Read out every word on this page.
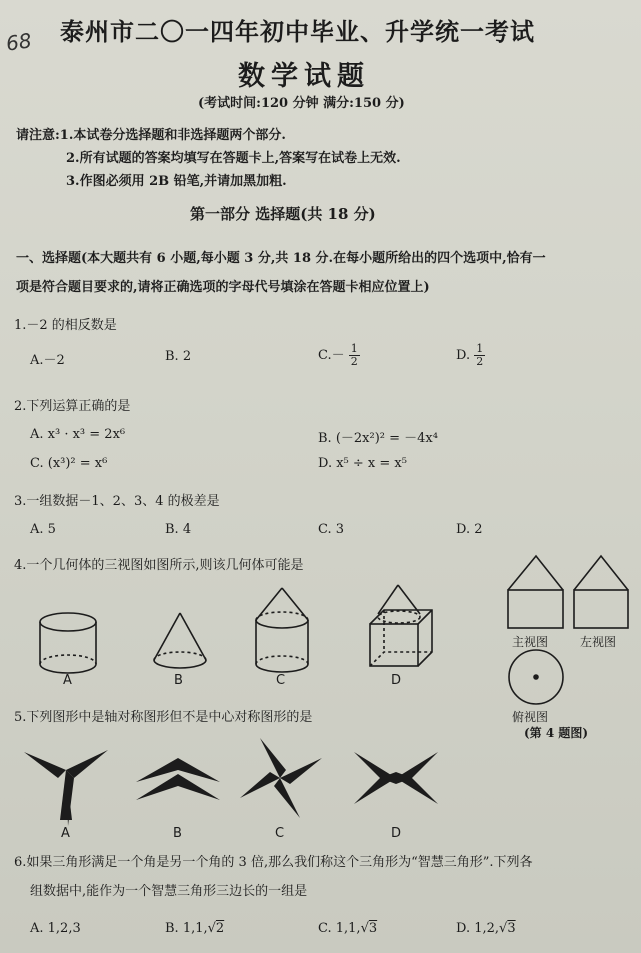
68 泰州市二〇一四年初中毕业、升学统一考试
数学试题
(考试时间:120 分钟 满分:150 分)
请注意:1.本试卷分选择题和非选择题两个部分.
2.所有试题的答案均填写在答题卡上,答案写在试卷上无效.
3.作图必须用 2B 铅笔,并请加黑加粗.
第一部分 选择题(共 18 分)
一、选择题(本大题共有 6 小题,每小题 3 分,共 18 分.在每小题所给出的四个选项中,恰有一
项是符合题目要求的,请将正确选项的字母代号填涂在答题卡相应位置上)
1.－2 的相反数是
A.－2	B. 2	$C.- \frac{1}{2}$	D. $\frac{1}{2}$
2.下列运算正确的是
A. x³ · x³ = 2x⁶	B. (－2x²)² = －4x⁴
C. (x³)² = x⁶	D. x⁵ ÷ x = x⁵
3.一组数据－1、2、3、4 的极差是
A. 5	B. 4	C. 3	D. 2
4.一个几何体的三视图如图所示,则该几何体可能是
A	B	C	D
主视图	左视图
俯视图
(第 4 题图)
5.下列图形中是轴对称图形但不是中心对称图形的是
A	B	C	D
6.如果三角形满足一个角是另一个角的 3 倍,那么我们称这个三角形为“智慧三角形”.下列各
组数据中,能作为一个智慧三角形三边长的一组是
A. 1,2,3	B. 1,1,√2	C. 1,1,√3	D. 1,2,√3
